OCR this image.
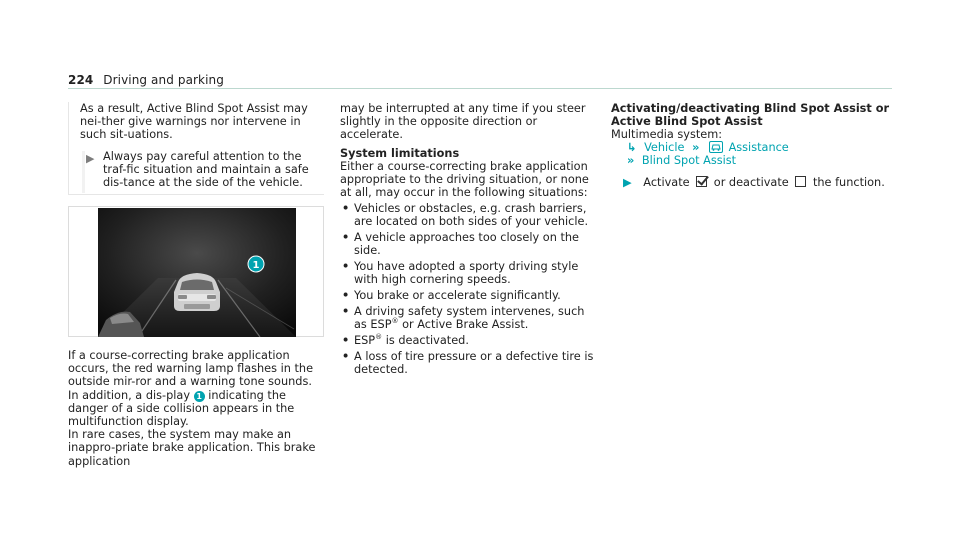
224 Driving and parking
As a result, Active Blind Spot Assist may nei-ther give warnings nor intervene in such sit-uations.
▶ Always pay careful attention to the traf-fic situation and maintain a safe dis-tance at the side of the vehicle.
1

If a course-correcting brake application occurs, the red warning lamp flashes in the outside mir-ror and a warning tone sounds. In addition, a dis-play 1 indicating the danger of a side collision appears in the multifunction display.

In rare cases, the system may make an inappro-priate brake application. This brake application

may be interrupted at any time if you steer slightly in the opposite direction or accelerate.

System limitations

Either a course-correcting brake application appropriate to the driving situation, or none at all, may occur in the following situations:

• Vehicles or obstacles, e.g. crash barriers, are located on both sides of your vehicle.
• A vehicle approaches too closely on the side.
• You have adopted a sporty driving style with high cornering speeds.
• You brake or accelerate significantly.
• A driving safety system intervenes, such as ESP® or Active Brake Assist.
• ESP® is deactivated.
• A loss of tire pressure or a defective tire is detected.

Activating/deactivating Blind Spot Assist or Active Blind Spot Assist

Multimedia system:

↳ Vehicle »	Assistance
» Blind Spot Assist
▶ Activate or deactivate the function.
